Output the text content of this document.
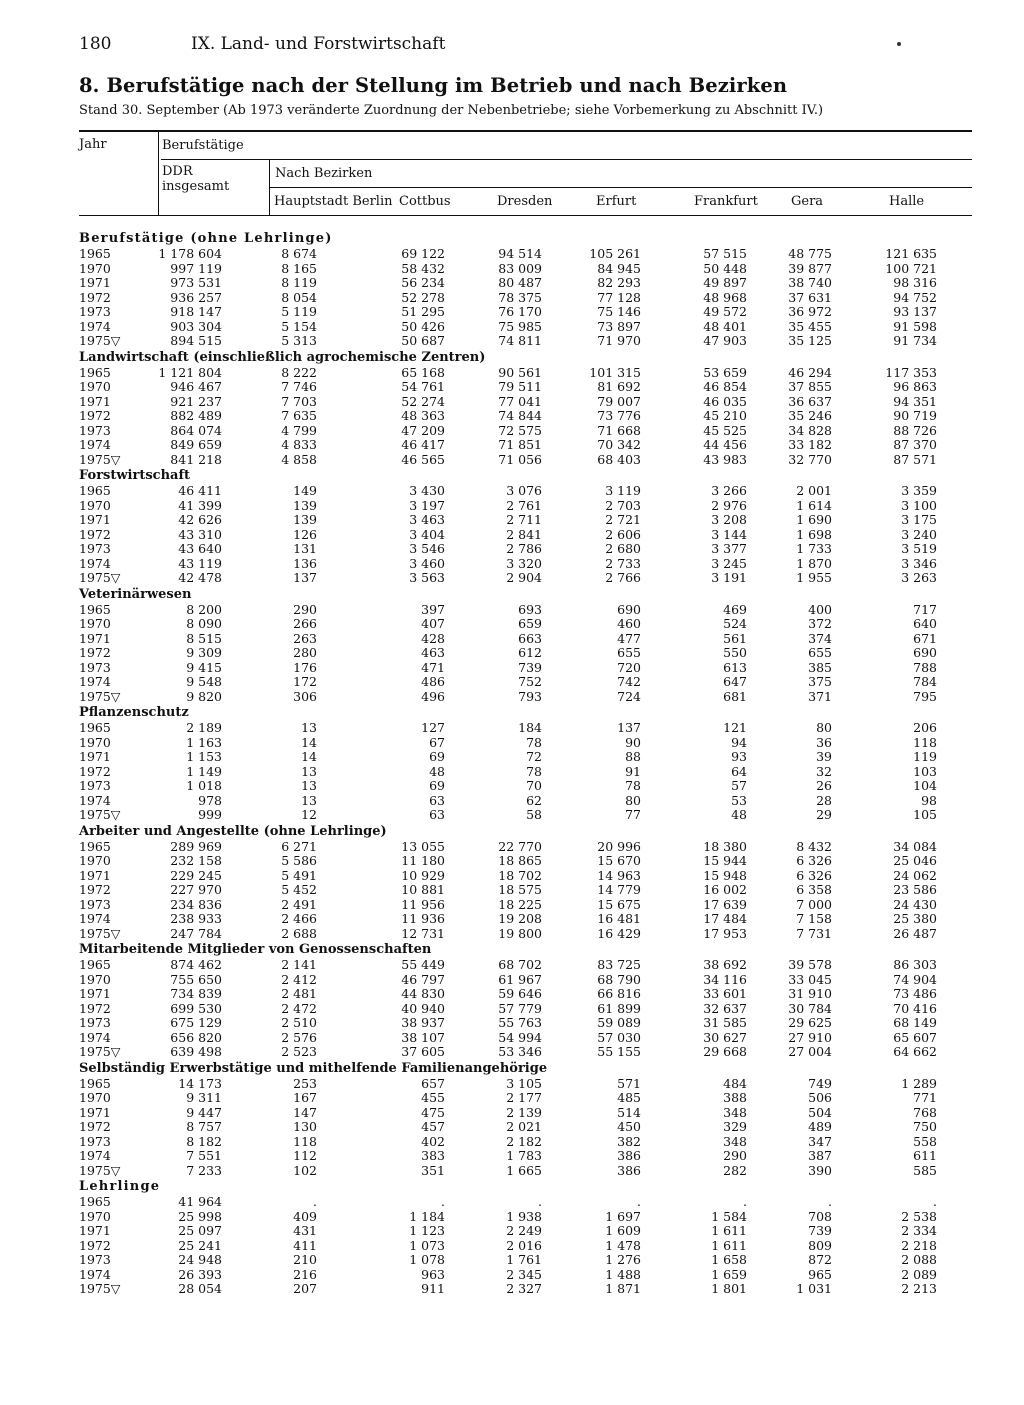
180	IX. Land- und Forstwirtschaft
8. Berufstätige nach der Stellung im Betrieb und nach Bezirken
Stand 30. September (Ab 1973 veränderte Zuordnung der Nebenbetriebe; siehe Vorbemerkung zu Abschnitt IV.)
Jahr	Berufstätige
DDR
insgesamt
Nach Bezirken
Hauptstadt Berlin Cottbus	Dresden	Erfurt	Frankfurt	Gera	Halle
Berufstätige (ohne Lehrlinge)
1965	1 178 604	8 674	69 122	94 514	105 261	57 515	48 775	121 635
1970	997 119	8 165	58 432	83 009	84 945	50 448	39 877	100 721
1971	973 531	8 119	56 234	80 487	82 293	49 897	38 740	98 316
1972	936 257	8 054	52 278	78 375	77 128	48 968	37 631	94 752
1973	918 147	5 119	51 295	76 170	75 146	49 572	36 972	93 137
1974	903 304	5 154	50 426	75 985	73 897	48 401	35 455	91 598
1975▽	894 515	5 313	50 687	74 811	71 970	47 903	35 125	91 734
Landwirtschaft (einschließlich agrochemische Zentren)
1965	1 121 804	8 222	65 168	90 561	101 315	53 659	46 294	117 353
1970	946 467	7 746	54 761	79 511	81 692	46 854	37 855	96 863
1971	921 237	7 703	52 274	77 041	79 007	46 035	36 637	94 351
1972	882 489	7 635	48 363	74 844	73 776	45 210	35 246	90 719
1973	864 074	4 799	47 209	72 575	71 668	45 525	34 828	88 726
1974	849 659	4 833	46 417	71 851	70 342	44 456	33 182	87 370
1975▽	841 218	4 858	46 565	71 056	68 403	43 983	32 770	87 571
Forstwirtschaft
1965	46 411	149	3 430	3 076	3 119	3 266	2 001	3 359
1970	41 399	139	3 197	2 761	2 703	2 976	1 614	3 100
1971	42 626	139	3 463	2 711	2 721	3 208	1 690	3 175
1972	43 310	126	3 404	2 841	2 606	3 144	1 698	3 240
1973	43 640	131	3 546	2 786	2 680	3 377	1 733	3 519
1974	43 119	136	3 460	3 320	2 733	3 245	1 870	3 346
1975▽	42 478	137	3 563	2 904	2 766	3 191	1 955	3 263
Veterinärwesen
1965	8 200	290	397	693	690	469	400	717
1970	8 090	266	407	659	460	524	372	640
1971	8 515	263	428	663	477	561	374	671
1972	9 309	280	463	612	655	550	655	690
1973	9 415	176	471	739	720	613	385	788
1974	9 548	172	486	752	742	647	375	784
1975▽	9 820	306	496	793	724	681	371	795
Pflanzenschutz
1965	2 189	13	127	184	137	121	80	206
1970	1 163	14	67	78	90	94	36	118
1971	1 153	14	69	72	88	93	39	119
1972	1 149	13	48	78	91	64	32	103
1973	1 018	13	69	70	78	57	26	104
1974	978	13	63	62	80	53	28	98
1975▽	999	12	63	58	77	48	29	105
Arbeiter und Angestellte (ohne Lehrlinge)
1965	289 969	6 271	13 055	22 770	20 996	18 380	8 432	34 084
1970	232 158	5 586	11 180	18 865	15 670	15 944	6 326	25 046
1971	229 245	5 491	10 929	18 702	14 963	15 948	6 326	24 062
1972	227 970	5 452	10 881	18 575	14 779	16 002	6 358	23 586
1973	234 836	2 491	11 956	18 225	15 675	17 639	7 000	24 430
1974	238 933	2 466	11 936	19 208	16 481	17 484	7 158	25 380
1975▽	247 784	2 688	12 731	19 800	16 429	17 953	7 731	26 487
Mitarbeitende Mitglieder von Genossenschaften
1965	874 462	2 141	55 449	68 702	83 725	38 692	39 578	86 303
1970	755 650	2 412	46 797	61 967	68 790	34 116	33 045	74 904
1971	734 839	2 481	44 830	59 646	66 816	33 601	31 910	73 486
1972	699 530	2 472	40 940	57 779	61 899	32 637	30 784	70 416
1973	675 129	2 510	38 937	55 763	59 089	31 585	29 625	68 149
1974	656 820	2 576	38 107	54 994	57 030	30 627	27 910	65 607
1975▽	639 498	2 523	37 605	53 346	55 155	29 668	27 004	64 662
Selbständig Erwerbstätige und mithelfende Familienangehörige
1965	14 173	253	657	3 105	571	484	749	1 289
1970	9 311	167	455	2 177	485	388	506	771
1971	9 447	147	475	2 139	514	348	504	768
1972	8 757	130	457	2 021	450	329	489	750
1973	8 182	118	402	2 182	382	348	347	558
1974	7 551	112	383	1 783	386	290	387	611
1975▽	7 233	102	351	1 665	386	282	390	585
Lehrlinge
1965	41 964	.	.	.	.	.	.	.
1970	25 998	409	1 184	1 938	1 697	1 584	708	2 538
1971	25 097	431	1 123	2 249	1 609	1 611	739	2 334
1972	25 241	411	1 073	2 016	1 478	1 611	809	2 218
1973	24 948	210	1 078	1 761	1 276	1 658	872	2 088
1974	26 393	216	963	2 345	1 488	1 659	965	2 089
1975▽	28 054	207	911	2 327	1 871	1 801	1 031	2 213
